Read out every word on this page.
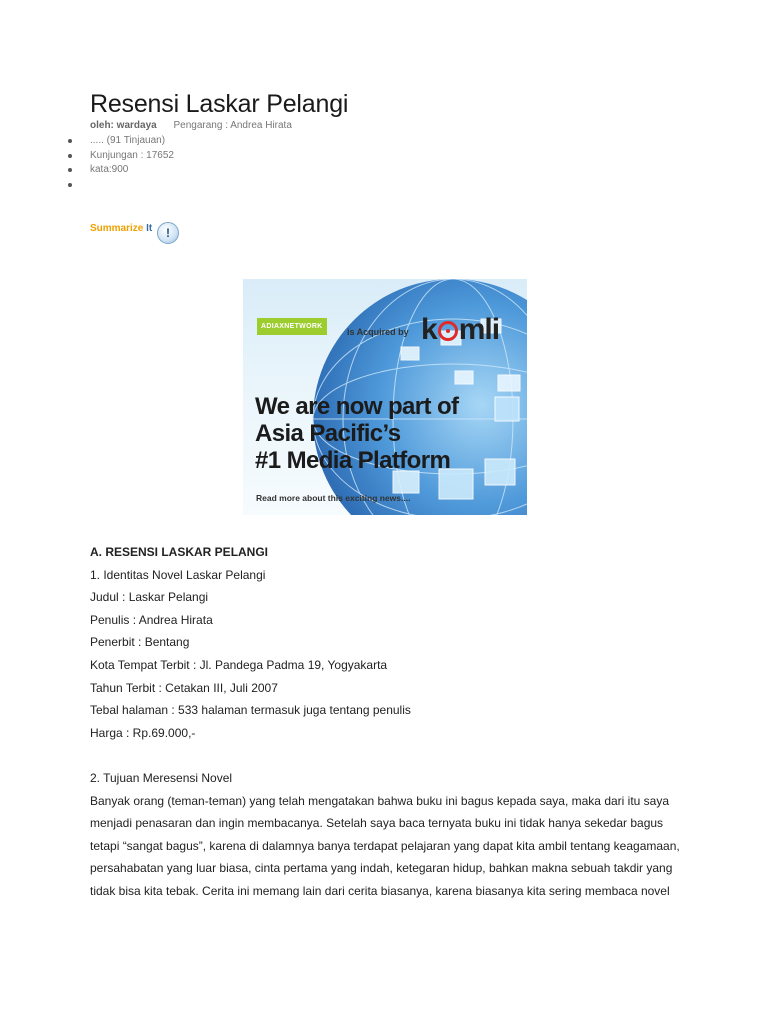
Resensi Laskar Pelangi
oleh: wardaya Pengarang : Andrea Hirata
..... (91 Tinjauan)
Kunjungan : 17652
kata:900
Summarize It !
ADIAXNETWORK
is Acquired by k mli
We are now part of
Asia Pacific’s
#1 Media Platform
Read more about this exciting news....

A. RESENSI LASKAR PELANGI

1. Identitas Novel Laskar Pelangi

Judul : Laskar Pelangi

Penulis : Andrea Hirata

Penerbit : Bentang

Kota Tempat Terbit : Jl. Pandega Padma 19, Yogyakarta

Tahun Terbit : Cetakan III, Juli 2007

Tebal halaman : 533 halaman termasuk juga tentang penulis

Harga : Rp.69.000,-

2. Tujuan Meresensi Novel

Banyak orang (teman-teman) yang telah mengatakan bahwa buku ini bagus kepada saya, maka dari itu saya

menjadi penasaran dan ingin membacanya. Setelah saya baca ternyata buku ini tidak hanya sekedar bagus

tetapi “sangat bagus”, karena di dalamnya banya terdapat pelajaran yang dapat kita ambil tentang keagamaan,

persahabatan yang luar biasa, cinta pertama yang indah, ketegaran hidup, bahkan makna sebuah takdir yang

tidak bisa kita tebak. Cerita ini memang lain dari cerita biasanya, karena biasanya kita sering membaca novel
